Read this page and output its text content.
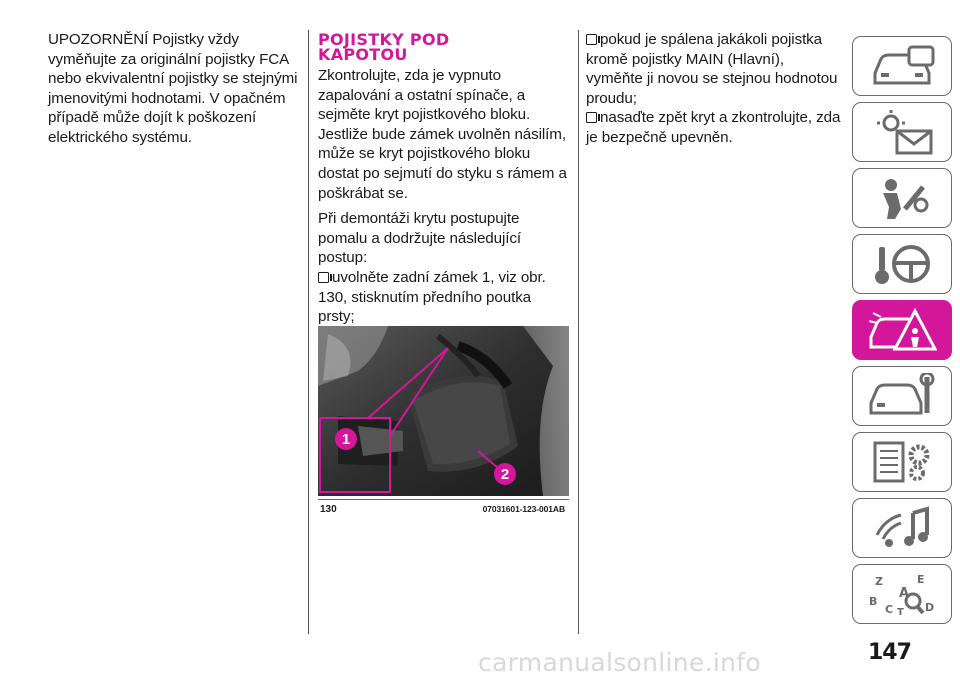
UPOZORNĚNÍ Pojistky vždy vyměňujte za originální pojistky FCA nebo ekvivalentní pojistky se stejnými jmenovitými hodnotami. V opačném případě může dojít k poškození elektrického systému.

POJISTKY POD
KAPOTOU

Zkontrolujte, zda je vypnuto zapalování a ostatní spínače, a sejměte kryt pojistkového bloku. Jestliže bude zámek uvolněn násilím, může se kryt pojistkového bloku dostat po sejmutí do styku s rámem a poškrábat se.

Při demontáži krytu postupujte pomalu a dodržujte následující postup:

uvolněte zadní zámek 1, viz obr. 130, stisknutím předního poutka prsty;
1
2
130	07031601-123-001AB
pokud je spálena jakákoli pojistka kromě pojistky MAIN (Hlavní), vyměňte ji novou se stejnou hodnotou proudu;
nasaďte zpět kryt a zkontrolujte, zda je bezpečně upevněn.
Z	E
A
B
C T D
carmanualsonline.info	147
